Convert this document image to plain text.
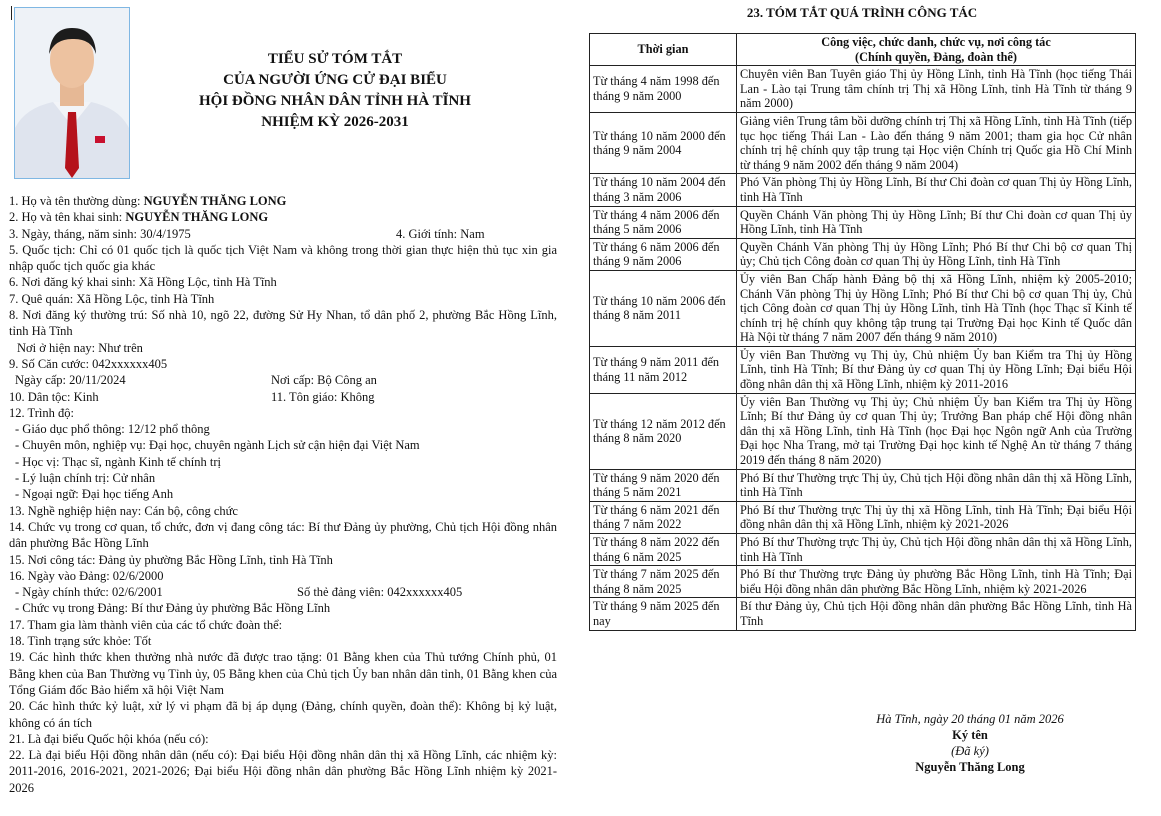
TIỂU SỬ TÓM TẮT
CỦA NGƯỜI ỨNG CỬ ĐẠI BIỂU
HỘI ĐỒNG NHÂN DÂN TỈNH HÀ TĨNH
NHIỆM KỲ 2026-2031
1. Họ và tên thường dùng: NGUYỄN THĂNG LONG
2. Họ và tên khai sinh: NGUYỄN THĂNG LONG
3. Ngày, tháng, năm sinh: 30/4/1975	4. Giới tính: Nam
5. Quốc tịch: Chỉ có 01 quốc tịch là quốc tịch Việt Nam và không trong thời gian thực hiện thủ tục xin gia nhập quốc tịch quốc gia khác
6. Nơi đăng ký khai sinh: Xã Hồng Lộc, tỉnh Hà Tĩnh
7. Quê quán: Xã Hồng Lộc, tỉnh Hà Tĩnh
8. Nơi đăng ký thường trú: Số nhà 10, ngõ 22, đường Sử Hy Nhan, tổ dân phố 2, phường Bắc Hồng Lĩnh, tỉnh Hà Tĩnh
Nơi ở hiện nay: Như trên
9. Số Căn cước: 042xxxxxx405
Ngày cấp: 20/11/2024	Nơi cấp: Bộ Công an
10. Dân tộc: Kinh	11. Tôn giáo: Không
12. Trình độ:
- Giáo dục phổ thông: 12/12 phổ thông
- Chuyên môn, nghiệp vụ: Đại học, chuyên ngành Lịch sử cận hiện đại Việt Nam
- Học vị: Thạc sĩ, ngành Kinh tế chính trị
- Lý luận chính trị: Cử nhân
- Ngoại ngữ: Đại học tiếng Anh
13. Nghề nghiệp hiện nay: Cán bộ, công chức
14. Chức vụ trong cơ quan, tổ chức, đơn vị đang công tác: Bí thư Đảng ủy phường, Chủ tịch Hội đồng nhân dân phường Bắc Hồng Lĩnh
15. Nơi công tác: Đảng ủy phường Bắc Hồng Lĩnh, tỉnh Hà Tĩnh
16. Ngày vào Đảng: 02/6/2000
- Ngày chính thức: 02/6/2001	Số thẻ đảng viên: 042xxxxxx405
- Chức vụ trong Đảng: Bí thư Đảng ủy phường Bắc Hồng Lĩnh
17. Tham gia làm thành viên của các tổ chức đoàn thể:
18. Tình trạng sức khỏe: Tốt
19. Các hình thức khen thưởng nhà nước đã được trao tặng: 01 Bằng khen của Thủ tướng Chính phủ, 01 Bằng khen của Ban Thường vụ Tỉnh ủy, 05 Bằng khen của Chủ tịch Ủy ban nhân dân tỉnh, 01 Bằng khen của Tổng Giám đốc Bảo hiểm xã hội Việt Nam
20. Các hình thức kỷ luật, xử lý vi phạm đã bị áp dụng (Đảng, chính quyền, đoàn thể): Không bị kỷ luật, không có án tích
21. Là đại biểu Quốc hội khóa (nếu có):
22. Là đại biểu Hội đồng nhân dân (nếu có): Đại biểu Hội đồng nhân dân thị xã Hồng Lĩnh, các nhiệm kỳ: 2011-2016, 2016-2021, 2021-2026; Đại biểu Hội đồng nhân dân phường Bắc Hồng Lĩnh nhiệm kỳ 2021-2026
23. TÓM TẮT QUÁ TRÌNH CÔNG TÁC
Thời gian	Công việc, chức danh, chức vụ, nơi công tác
(Chính quyền, Đảng, đoàn thể)

Từ tháng 4 năm 1998 đến tháng 9 năm 2000	Chuyên viên Ban Tuyên giáo Thị ủy Hồng Lĩnh, tỉnh Hà Tĩnh (học tiếng Thái Lan - Lào tại Trung tâm chính trị Thị xã Hồng Lĩnh, tỉnh Hà Tĩnh từ tháng 9 năm 2000)
Từ tháng 10 năm 2000 đến tháng 9 năm 2004	Giảng viên Trung tâm bồi dưỡng chính trị Thị xã Hồng Lĩnh, tỉnh Hà Tĩnh (tiếp tục học tiếng Thái Lan - Lào đến tháng 9 năm 2001; tham gia học Cử nhân chính trị hệ chính quy tập trung tại Học viện Chính trị Quốc gia Hồ Chí Minh từ tháng 9 năm 2002 đến tháng 9 năm 2004)
Từ tháng 10 năm 2004 đến tháng 3 năm 2006	Phó Văn phòng Thị ủy Hồng Lĩnh, Bí thư Chi đoàn cơ quan Thị ủy Hồng Lĩnh, tỉnh Hà Tĩnh
Từ tháng 4 năm 2006 đến tháng 5 năm 2006	Quyền Chánh Văn phòng Thị ủy Hồng Lĩnh; Bí thư Chi đoàn cơ quan Thị ủy Hồng Lĩnh, tỉnh Hà Tĩnh
Từ tháng 6 năm 2006 đến tháng 9 năm 2006	Quyền Chánh Văn phòng Thị ủy Hồng Lĩnh; Phó Bí thư Chi bộ cơ quan Thị ủy; Chủ tịch Công đoàn cơ quan Thị ủy Hồng Lĩnh, tỉnh Hà Tĩnh
Từ tháng 10 năm 2006 đến tháng 8 năm 2011	Ủy viên Ban Chấp hành Đảng bộ thị xã Hồng Lĩnh, nhiệm kỳ 2005-2010; Chánh Văn phòng Thị ủy Hồng Lĩnh; Phó Bí thư Chi bộ cơ quan Thị ủy, Chủ tịch Công đoàn cơ quan Thị ủy Hồng Lĩnh, tỉnh Hà Tĩnh (học Thạc sĩ Kinh tế chính trị hệ chính quy không tập trung tại Trường Đại học Kinh tế Quốc dân Hà Nội từ tháng 7 năm 2007 đến tháng 9 năm 2010)
Từ tháng 9 năm 2011 đến tháng 11 năm 2012	Ủy viên Ban Thường vụ Thị ủy, Chủ nhiệm Ủy ban Kiểm tra Thị ủy Hồng Lĩnh, tỉnh Hà Tĩnh; Bí thư Đảng ủy cơ quan Thị ủy Hồng Lĩnh; Đại biểu Hội đồng nhân dân thị xã Hồng Lĩnh, nhiệm kỳ 2011-2016
Từ tháng 12 năm 2012 đến tháng 8 năm 2020	Ủy viên Ban Thường vụ Thị ủy; Chủ nhiệm Ủy ban Kiểm tra Thị ủy Hồng Lĩnh; Bí thư Đảng ủy cơ quan Thị ủy; Trưởng Ban pháp chế Hội đồng nhân dân thị xã Hồng Lĩnh, tỉnh Hà Tĩnh (học Đại học Ngôn ngữ Anh của Trường Đại học Nha Trang, mở tại Trường Đại học kinh tế Nghệ An từ tháng 7 tháng 2019 đến tháng 8 năm 2020)
Từ tháng 9 năm 2020 đến tháng 5 năm 2021	Phó Bí thư Thường trực Thị ủy, Chủ tịch Hội đồng nhân dân thị xã Hồng Lĩnh, tỉnh Hà Tĩnh
Từ tháng 6 năm 2021 đến tháng 7 năm 2022	Phó Bí thư Thường trực Thị ủy thị xã Hồng Lĩnh, tỉnh Hà Tĩnh; Đại biểu Hội đồng nhân dân thị xã Hồng Lĩnh, nhiệm kỳ 2021-2026
Từ tháng 8 năm 2022 đến tháng 6 năm 2025	Phó Bí thư Thường trực Thị ủy, Chủ tịch Hội đồng nhân dân thị xã Hồng Lĩnh, tỉnh Hà Tĩnh
Từ tháng 7 năm 2025 đến tháng 8 năm 2025	Phó Bí thư Thường trực Đảng ủy phường Bắc Hồng Lĩnh, tỉnh Hà Tĩnh; Đại biểu Hội đồng nhân dân phường Bắc Hồng Lĩnh, nhiệm kỳ 2021-2026
Từ tháng 9 năm 2025 đến nay	Bí thư Đảng ủy, Chủ tịch Hội đồng nhân dân phường Bắc Hồng Lĩnh, tỉnh Hà Tĩnh
Hà Tĩnh, ngày 20 tháng 01 năm 2026
Ký tên
(Đã ký)
Nguyễn Thăng Long
